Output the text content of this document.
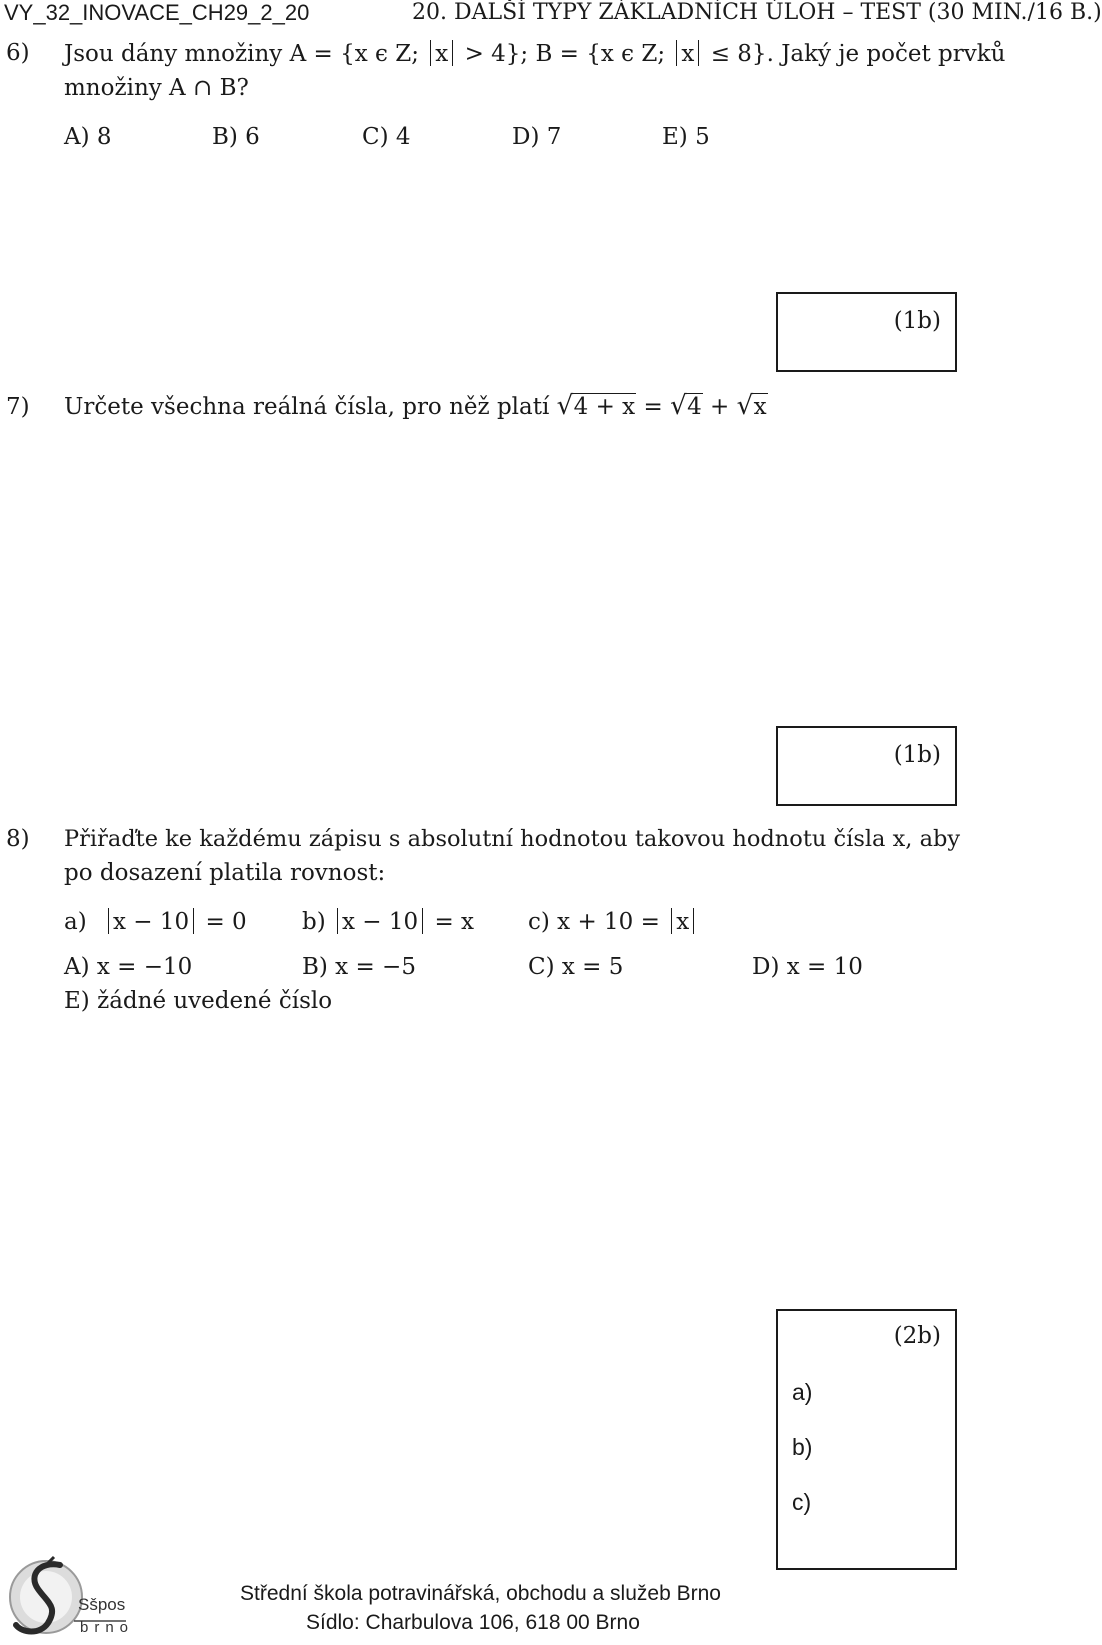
VY_32_INOVACE_CH29_2_20	20. DALŠÍ TYPY ZÁKLADNÍCH ÚLOH – TEST (30 MIN./16 B.)
6) Jsou dány množiny A = {x ϵ Z; x > 4}; B = {x ϵ Z; x ≤ 8}. Jaký je počet prvků
množiny A ∩ B?
A) 8	B) 6	C) 4	D) 7	E) 5
(1b)
7) Určete všechna reálná čísla, pro něž platí √ 4 + x = √ 4 + √ x
(1b)
8) Přiřaďte ke každému zápisu s absolutní hodnotou takovou hodnotu čísla x, aby
po dosazení platila rovnost:
a) x − 10 = 0 b) x − 10 = x c) x + 10 = x
A) x = −10	B) x = −5	C) x = 5	D) x = 10
E) žádné uvedené číslo
(2b)
a)
b)
c)
Sšpos
brno
Střední škola potravinářská, obchodu a služeb Brno
Sídlo: Charbulova 106, 618 00 Brno
